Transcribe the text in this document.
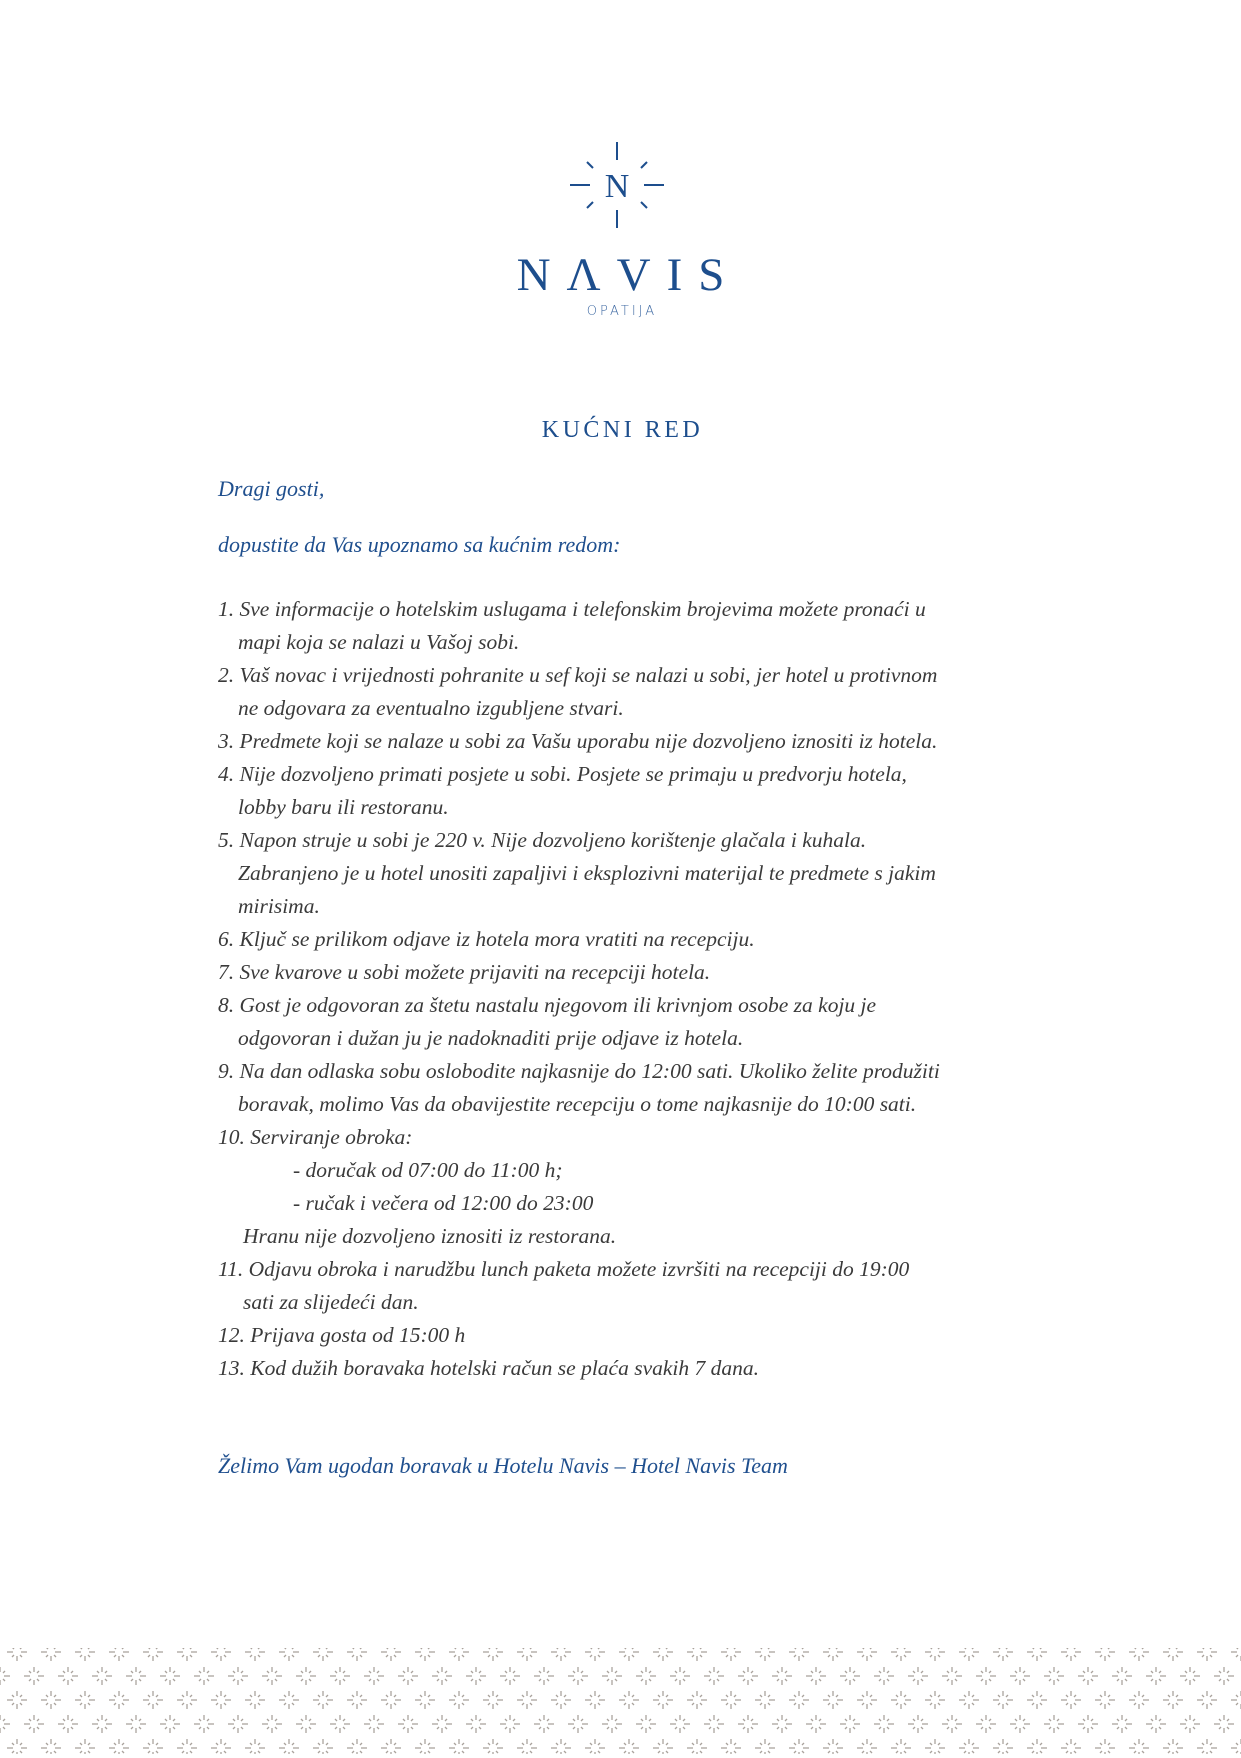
N
NΛVIS
OPATIJA
KUĆNI RED
Dragi gosti,
dopustite da Vas upoznamo sa kućnim redom:
1. Sve informacije o hotelskim uslugama i telefonskim brojevima možete pronaći u
mapi koja se nalazi u Vašoj sobi.
2. Vaš novac i vrijednosti pohranite u sef koji se nalazi u sobi, jer hotel u protivnom
ne odgovara za eventualno izgubljene stvari.
3. Predmete koji se nalaze u sobi za Vašu uporabu nije dozvoljeno iznositi iz hotela.
4. Nije dozvoljeno primati posjete u sobi. Posjete se primaju u predvorju hotela,
lobby baru ili restoranu.
5. Napon struje u sobi je 220 v. Nije dozvoljeno korištenje glačala i kuhala.
Zabranjeno je u hotel unositi zapaljivi i eksplozivni materijal te predmete s jakim
mirisima.
6. Ključ se prilikom odjave iz hotela mora vratiti na recepciju.
7. Sve kvarove u sobi možete prijaviti na recepciji hotela.
8. Gost je odgovoran za štetu nastalu njegovom ili krivnjom osobe za koju je
odgovoran i dužan ju je nadoknaditi prije odjave iz hotela.
9. Na dan odlaska sobu oslobodite najkasnije do 12:00 sati. Ukoliko želite produžiti
boravak, molimo Vas da obavijestite recepciju o tome najkasnije do 10:00 sati.
10. Serviranje obroka:
- doručak od 07:00 do 11:00 h;
- ručak i večera od 12:00 do 23:00
Hranu nije dozvoljeno iznositi iz restorana.
11. Odjavu obroka i narudžbu lunch paketa možete izvršiti na recepciji do 19:00
sati za slijedeći dan.
12. Prijava gosta od 15:00 h
13. Kod dužih boravaka hotelski račun se plaća svakih 7 dana.
Želimo Vam ugodan boravak u Hotelu Navis – Hotel Navis Team
